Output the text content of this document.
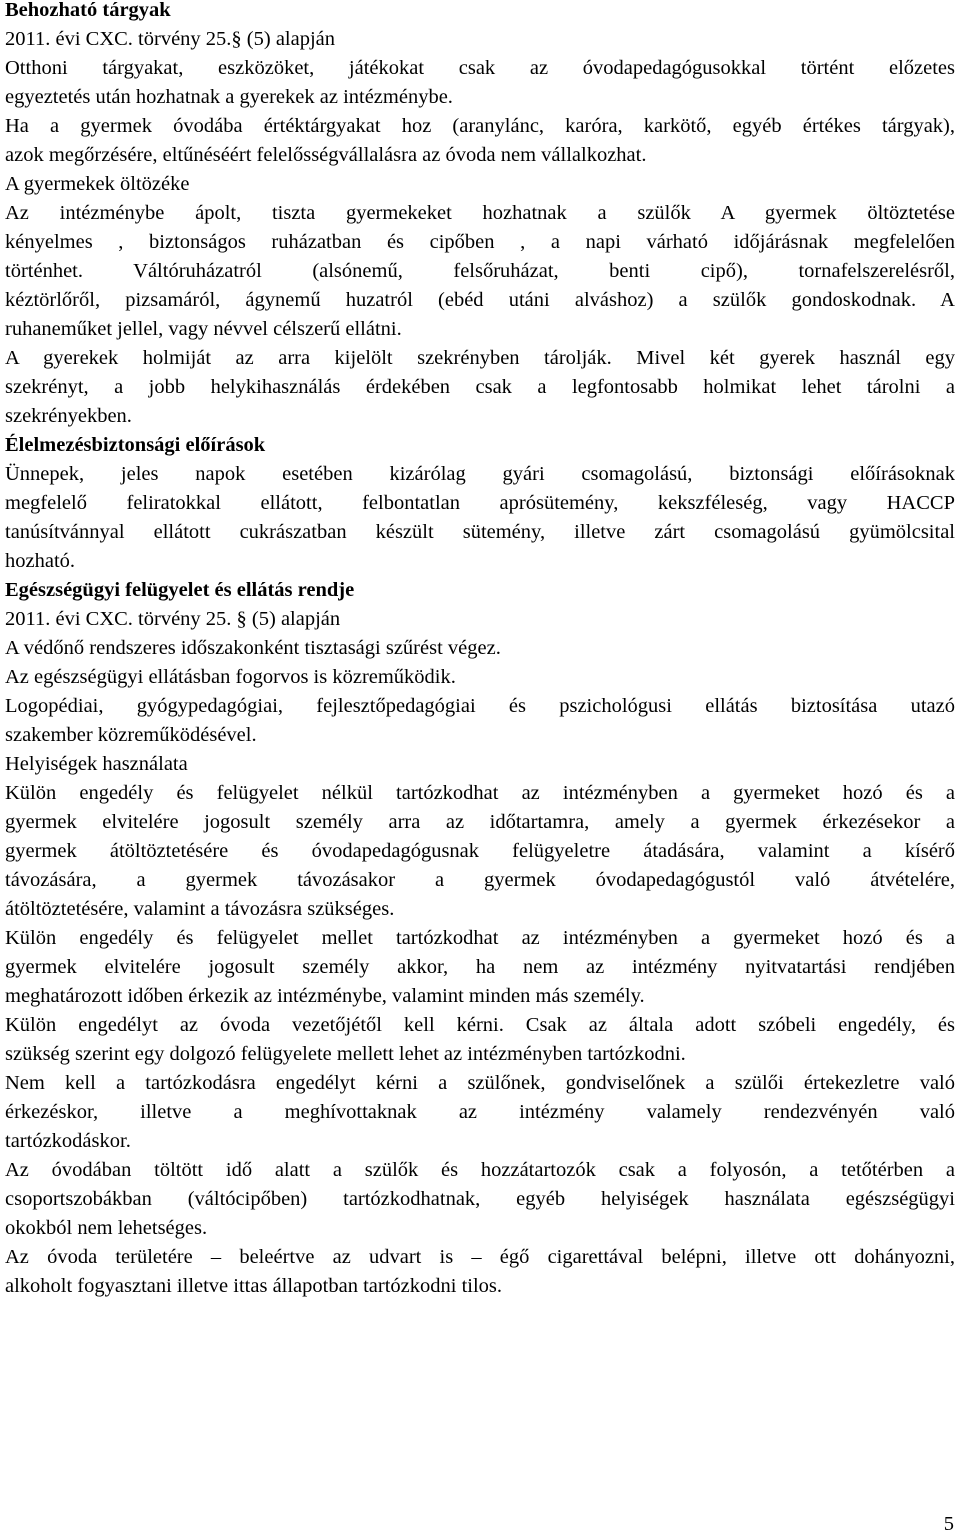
Behozható tárgyak

2011. évi CXC. törvény 25.§ (5) alapján

Otthoni tárgyakat, eszközöket, játékokat csak az óvodapedagógusokkal történt előzetes

egyeztetés után hozhatnak a gyerekek az intézménybe.

Ha a gyermek óvodába értéktárgyakat hoz (aranylánc, karóra, karkötő, egyéb értékes tárgyak),

azok megőrzésére, eltűnéséért felelősségvállalásra az óvoda nem vállalkozhat.

A gyermekek öltözéke

Az intézménybe ápolt, tiszta gyermekeket hozhatnak a szülők A gyermek öltöztetése

kényelmes , biztonságos ruházatban és cipőben , a napi várható időjárásnak megfelelően

történhet. Váltóruházatról (alsónemű, felsőruházat, benti cipő), tornafelszerelésről,

kéztörlőről, pizsamáról, ágynemű huzatról (ebéd utáni alváshoz) a szülők gondoskodnak. A

ruhaneműket jellel, vagy névvel célszerű ellátni.

A gyerekek holmiját az arra kijelölt szekrényben tárolják. Mivel két gyerek használ egy

szekrényt, a jobb helykihasználás érdekében csak a legfontosabb holmikat lehet tárolni a

szekrényekben.

Élelmezésbiztonsági előírások

Ünnepek, jeles napok esetében kizárólag gyári csomagolású, biztonsági előírásoknak

megfelelő feliratokkal ellátott, felbontatlan aprósütemény, kekszféleség, vagy HACCP

tanúsítvánnyal ellátott cukrászatban készült sütemény, illetve zárt csomagolású gyümölcsital

hozható.

Egészségügyi felügyelet és ellátás rendje

2011. évi CXC. törvény 25. § (5) alapján

A védőnő rendszeres időszakonként tisztasági szűrést végez.

Az egészségügyi ellátásban fogorvos is közreműködik.

Logopédiai, gyógypedagógiai, fejlesztőpedagógiai és pszichológusi ellátás biztosítása utazó

szakember közreműködésével.

Helyiségek használata

Külön engedély és felügyelet nélkül tartózkodhat az intézményben a gyermeket hozó és a

gyermek elvitelére jogosult személy arra az időtartamra, amely a gyermek érkezésekor a

gyermek átöltöztetésére és óvodapedagógusnak felügyeletre átadására, valamint a kísérő

távozására, a gyermek távozásakor a gyermek óvodapedagógustól való átvételére,

átöltöztetésére, valamint a távozásra szükséges.

Külön engedély és felügyelet mellet tartózkodhat az intézményben a gyermeket hozó és a

gyermek elvitelére jogosult személy akkor, ha nem az intézmény nyitvatartási rendjében

meghatározott időben érkezik az intézménybe, valamint minden más személy.

Külön engedélyt az óvoda vezetőjétől kell kérni. Csak az általa adott szóbeli engedély, és

szükség szerint egy dolgozó felügyelete mellett lehet az intézményben tartózkodni.

Nem kell a tartózkodásra engedélyt kérni a szülőnek, gondviselőnek a szülői értekezletre való

érkezéskor, illetve a meghívottaknak az intézmény valamely rendezvényén való

tartózkodáskor.

Az óvodában töltött idő alatt a szülők és hozzátartozók csak a folyosón, a tetőtérben a

csoportszobákban (váltócipőben) tartózkodhatnak, egyéb helyiségek használata egészségügyi

okokból nem lehetséges.

Az óvoda területére – beleértve az udvart is – égő cigarettával belépni, illetve ott dohányozni,

alkoholt fogyasztani illetve ittas állapotban tartózkodni tilos.

5
